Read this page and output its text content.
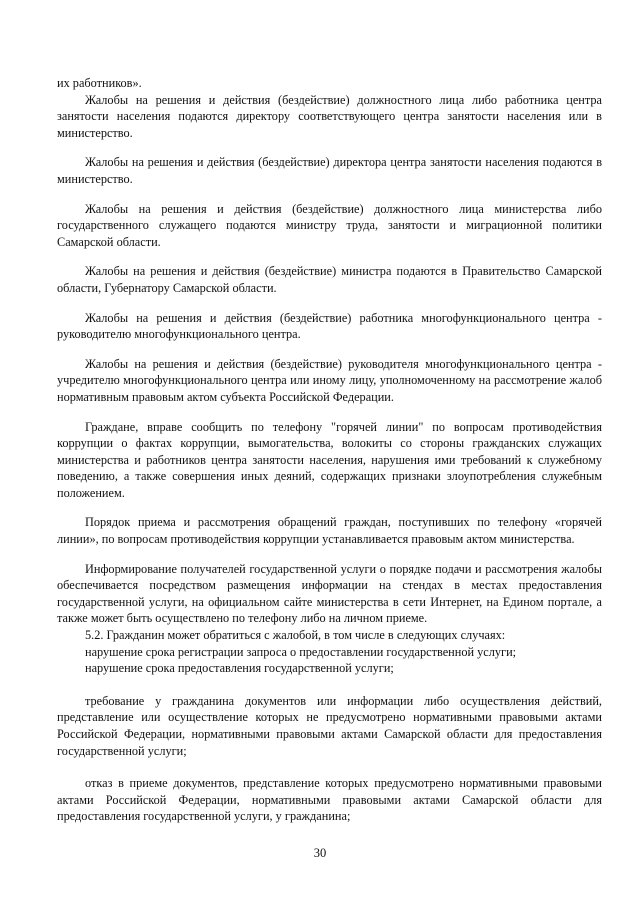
их работников».

Жалобы на решения и действия (бездействие) должностного лица либо работника центра занятости населения подаются директору соответствующего центра занятости населения или в министерство.

Жалобы на решения и действия (бездействие) директора центра занятости населения подаются в министерство.

Жалобы на решения и действия (бездействие) должностного лица министерства либо государственного служащего подаются министру труда, занятости и миграционной политики Самарской области.

Жалобы на решения и действия (бездействие) министра подаются в Правительство Самарской области, Губернатору Самарской области.

Жалобы на решения и действия (бездействие) работника многофункционального центра - руководителю многофункционального центра.

Жалобы на решения и действия (бездействие) руководителя многофункционального центра - учредителю многофункционального центра или иному лицу, уполномоченному на рассмотрение жалоб нормативным правовым актом субъекта Российской Федерации.

Граждане, вправе сообщить по телефону "горячей линии" по вопросам противодействия коррупции о фактах коррупции, вымогательства, волокиты со стороны гражданских служащих министерства и работников центра занятости населения, нарушения ими требований к служебному поведению, а также совершения иных деяний, содержащих признаки злоупотребления служебным положением.

Порядок приема и рассмотрения обращений граждан, поступивших по телефону «горячей линии», по вопросам противодействия коррупции устанавливается правовым актом министерства.

Информирование получателей государственной услуги о порядке подачи и рассмотрения жалобы обеспечивается посредством размещения информации на стендах в местах предоставления государственной услуги, на официальном сайте министерства в сети Интернет, на Едином портале, а также может быть осуществлено по телефону либо на личном приеме.

5.2. Гражданин может обратиться с жалобой, в том числе в следующих случаях:

нарушение срока регистрации запроса о предоставлении государственной услуги;

нарушение срока предоставления государственной услуги;

требование у гражданина документов или информации либо осуществления действий, представление или осуществление которых не предусмотрено нормативными правовыми актами Российской Федерации, нормативными правовыми актами Самарской области для предоставления государственной услуги;

отказ в приеме документов, представление которых предусмотрено нормативными правовыми актами Российской Федерации, нормативными правовыми актами Самарской области для предоставления государственной услуги, у гражданина;

30
